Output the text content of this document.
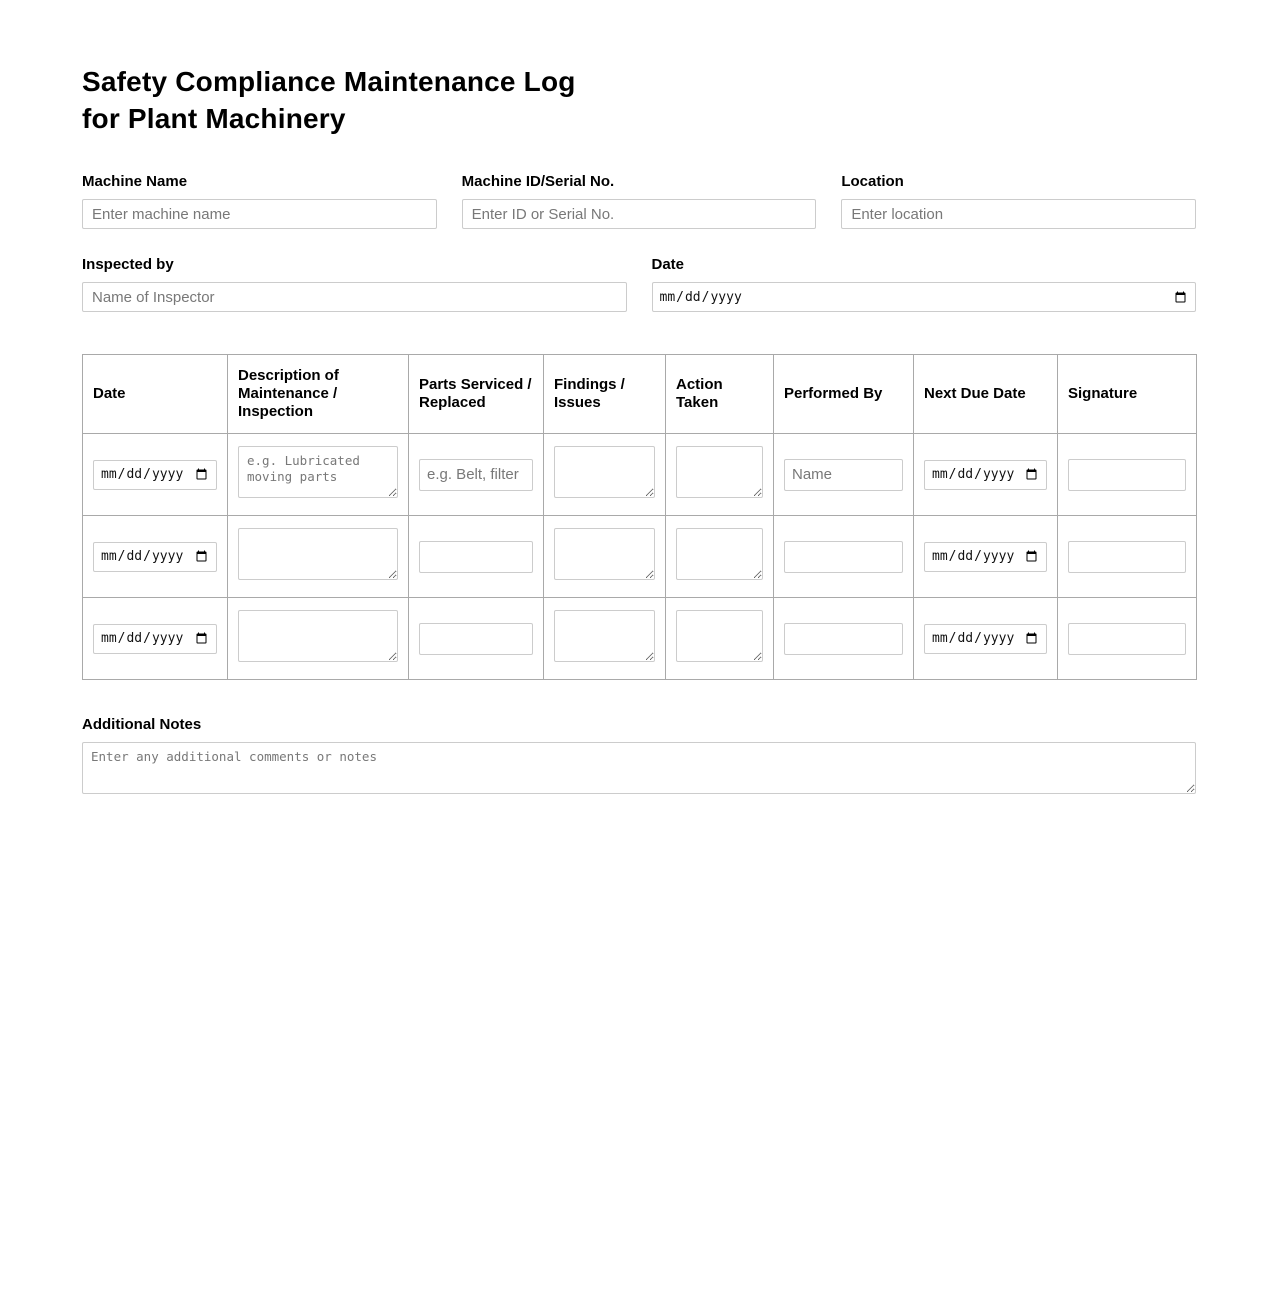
Safety Compliance Maintenance Log
for Plant Machinery
Machine Name
Enter machine name	Machine ID/Serial No.
Enter ID or Serial No.	Location
Enter location
Inspected by
Name of Inspector	Date
Date	Description of Maintenance / Inspection	Parts Serviced / Replaced	Findings / Issues	Action Taken	Performed By	Next Due Date	Signature
	e.g. Lubricated moving parts	e.g. Belt, filter			Name		

Additional Notes
Enter any additional comments or notes
